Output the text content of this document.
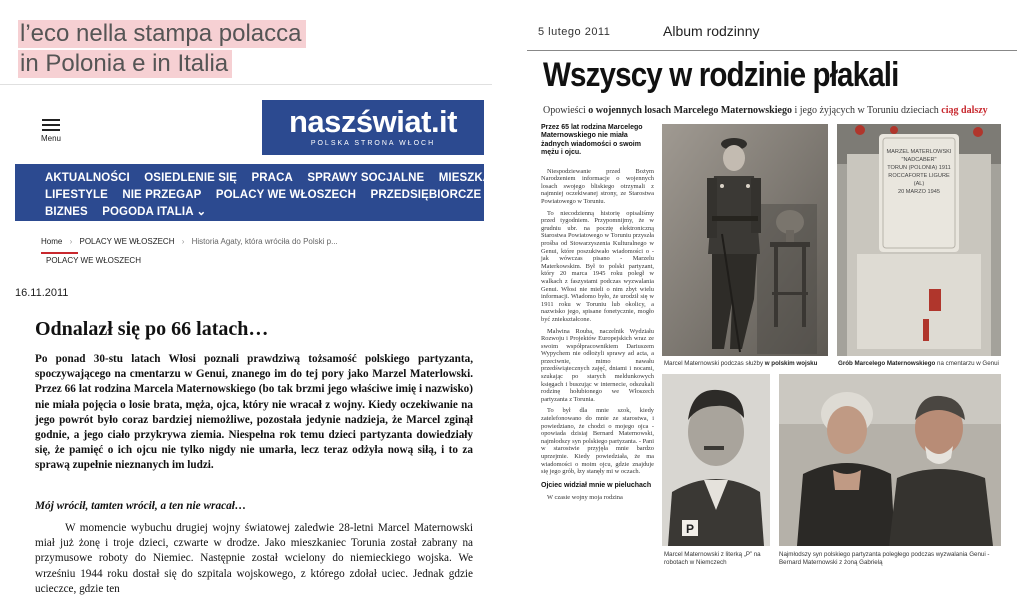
l’eco nella stampa polacca
in Polonia e in Italia
Menu	naszświat.it
POLSKA STRONA WŁOCH
AKTUALNOŚCI OSIEDLENIE SIĘ PRACA SPRAWY SOCJALNE MIESZKANIE
LIFESTYLE NIE PRZEGAP POLACY WE WŁOSZECH PRZEDSIĘBIORCZE POLKI
BIZNES POGODA ITALIA ⌄
Home › POLACY WE WŁOSZECH › Historia Agaty, która wróciła do Polski p...
POLACY WE WŁOSZECH
16.11.2011
Odnalazł się po 66 latach…
Po ponad 30-stu latach Włosi poznali prawdziwą tożsamość polskiego partyzanta, spoczywającego na cmentarzu w Genui, znanego im do tej pory jako Marzel Materlowski. Przez 66 lat rodzina Marcela Maternowskiego (bo tak brzmi jego właściwe imię i nazwisko) nie miała pojęcia o losie brata, męża, ojca, który nie wracał z wojny. Kiedy oczekiwanie na jego powrót było coraz bardziej niemożliwe, pozostała jedynie nadzieja, że Marcel zginął godnie, a jego ciało przykrywa ziemia. Niespełna rok temu dzieci partyzanta dowiedziały się, że pamięć o ich ojcu nie tylko nigdy nie umarła, lecz teraz odżyła nową siłą, i to za sprawą zupełnie nieznanych im ludzi.
Mój wrócił, tamten wrócił, a ten nie wracał…
W momencie wybuchu drugiej wojny światowej zaledwie 28-letni Marcel Maternowski miał już żonę i troje dzieci, czwarte w drodze. Jako mieszkaniec Torunia został zabrany na przymusowe roboty do Niemiec. Następnie został wcielony do niemieckiego wojska. We wrześniu 1944 roku dostał się do szpitala wojskowego, z którego zdołał uciec. Jednak gdzie ucieczce, gdzie ten
5 lutego 2011	Album rodzinny
Wszyscy w rodzinie płakali
Opowieści o wojennych losach Marcelego Maternowskiego i jego żyjących w Toruniu dzieciach ciąg dalszy
Przez 65 lat rodzina Marcelego Maternowskiego nie miała żadnych wiadomości o swoim mężu i ojcu.

Niespodziewanie przed Bożym Narodzeniem informacje o wojennych losach swojego bliskiego otrzymali z najmniej oczekiwanej strony, ze Starostwa Powiatowego w Toruniu.

To niecodzienną historię opisaliśmy przed tygodniem. Przypomnijmy, że w grudniu ubr. na pocztę elektroniczną Starostwa Powiatowego w Toruniu przyszła prośba od Stowarzyszenia Kulturalnego w Genui, które poszukiwało wiadomości o - jak wówczas pisano - Marzelu Materkowskim. Był to polski partyzant, który 20 marca 1945 roku poległ w walkach z faszystami podczas wyzwalania Genui. Włosi nie mieli o nim zbyt wielu informacji. Wiadomo było, że urodził się w 1911 roku w Toruniu lub okolicy, a nazwisko jego, spisane fonetycznie, mogło być zniekształcone.

Malwina Rouba, naczelnik Wydziału Rozwoju i Projektów Europejskich wraz ze swoim współpracownikiem Dariuszem Wypychem nie odłożyli sprawy ad acta, a przeciwnie, mimo nawału przedświątecznych zajęć, dniami i nocami, szukając po starych meldunkowych księgach i buszując w internecie, odszukali rodzinę hołubionego we Włoszech partyzanta z Torunia.

To był dla mnie szok, kiedy zatelefonowano do mnie ze starostwa, i powiedziano, że chodzi o mojego ojca - opowiada dzisiaj Bernard Maternowski, najmłodszy syn polskiego partyzanta. - Pani w starostwie przyjęła mnie bardzo uprzejmie. Kiedy powiedziała, że ma wiadomości o moim ojcu, gdzie znajduje się jego grób, łzy stanęły mi w oczach.

Ojciec widział mnie w pieluchach

W czasie wojny moja rodzina

Marcel Maternowski podczas służby w polskim wojsku
MARZEL MATERLOWSKI
"NADCABER"
TORUN (POLONIA) 1911
ROCCAFORTE LIGURE (AL)
20 MARZO 1945
Grób Marcelego Maternowskiego na cmentarzu w Genui
P
Marcel Maternowski z literką „P” na robotach w Niemczech
Najmłodszy syn polskiego partyzanta poległego podczas wyzwalania Genui - Bernard Maternowski z żoną Gabrielą
